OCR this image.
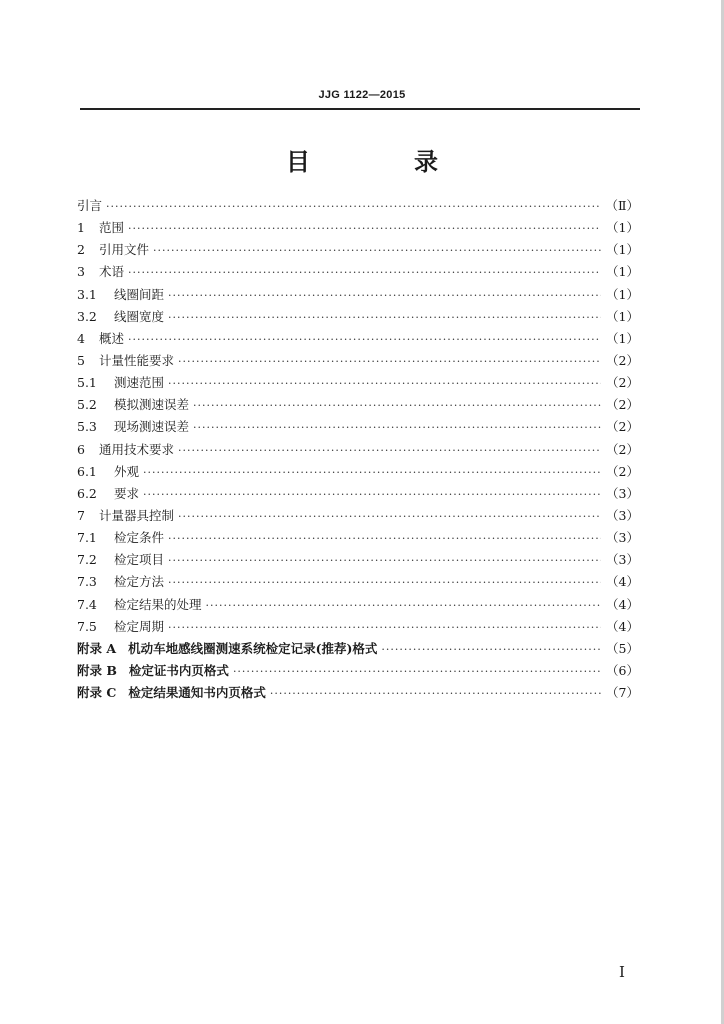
JJG 1122—2015
目　录
引言 ·····	（Ⅱ）
1	范围 ·····	（1）
2	引用文件 ·····	（1）
3	术语 ·····	（1）
3.1	线圈间距 ·····	（1）
3.2	线圈宽度 ·····	（1）
4	概述 ·····	（1）
5	计量性能要求 ·····	（2）
5.1	测速范围 ·····	（2）
5.2	模拟测速误差 ·····	（2）
5.3	现场测速误差 ·····	（2）
6	通用技术要求 ·····	（2）
6.1	外观 ·····	（2）
6.2	要求 ·····	（3）
7	计量器具控制 ·····	（3）
7.1	检定条件 ·····	（3）
7.2	检定项目 ·····	（3）
7.3	检定方法 ·····	（4）
7.4	检定结果的处理 ·····	（4）
7.5	检定周期 ·····	（4）
附录 A 机动车地感线圈测速系统检定记录(推荐)格式 ·····	（5）
附录 B 检定证书内页格式 ·····	（6）
附录 C 检定结果通知书内页格式 ·····	（7）
I
